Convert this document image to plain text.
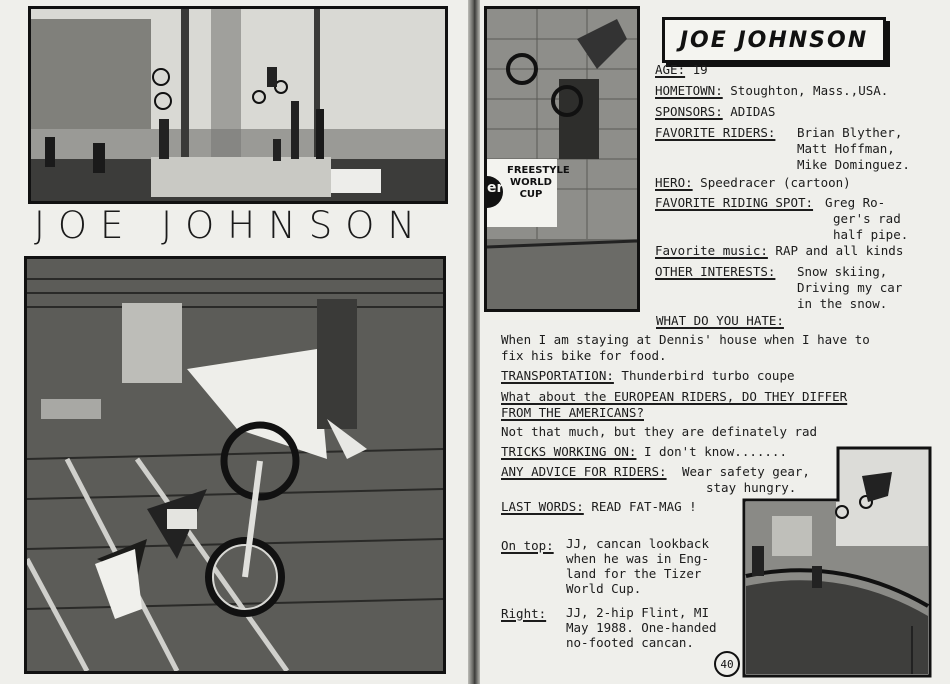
JOE JOHNSON
er
FREESTYLE
WORLD
CUP
JOE JOHNSON
AGE: 19
HOMETOWN: Stoughton, Mass.,USA.
SPONSORS: ADIDAS
FAVORITE RIDERS: Brian Blyther,
Matt Hoffman,
Mike Dominguez.
HERO: Speedracer (cartoon)
FAVORITE RIDING SPOT: Greg Ro-
ger's rad
half pipe.
Favorite music: RAP and all kinds
OTHER INTERESTS: Snow skiing,
Driving my car
in the snow.
WHAT DO YOU HATE:
When I am staying at Dennis' house when I have to
fix his bike for food.
TRANSPORTATION: Thunderbird turbo coupe
What about the EUROPEAN RIDERS, DO THEY DIFFER
FROM THE AMERICANS?
Not that much, but they are definately rad
TRICKS WORKING ON: I don't know.......
ANY ADVICE FOR RIDERS: Wear safety gear,
stay hungry.
LAST WORDS: READ FAT-MAG !
On top: JJ, cancan lookback
when he was in Eng-
land for the Tizer
World Cup.
Right: JJ, 2-hip Flint, MI
May 1988. One-handed
no-footed cancan.
40
